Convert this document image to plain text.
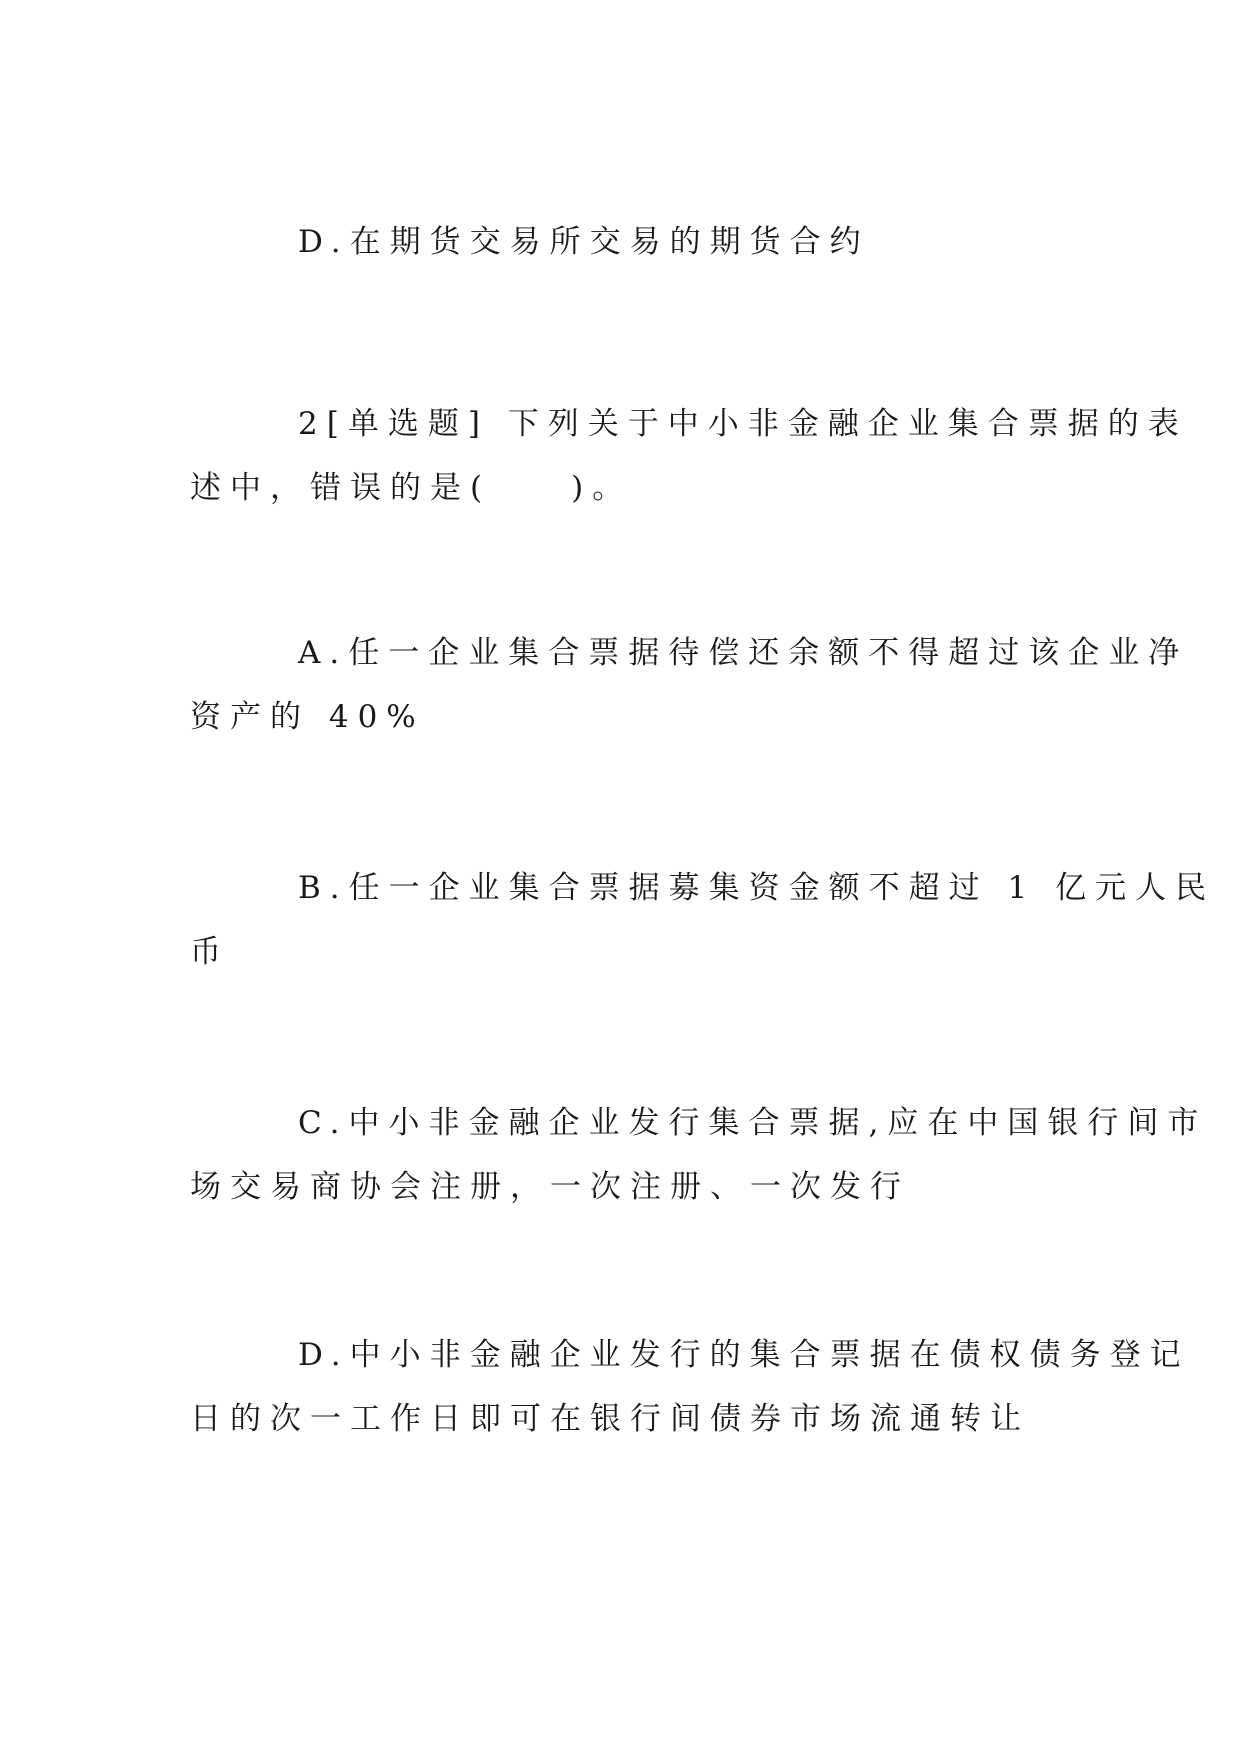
D.在期货交易所交易的期货合约

2[单选题] 下列关于中小非金融企业集合票据的表
述中，错误的是(　　)。

A.任一企业集合票据待偿还余额不得超过该企业净
资产的 40%

B.任一企业集合票据募集资金额不超过 1 亿元人民
币

C.中小非金融企业发行集合票据,应在中国银行间市
场交易商协会注册，一次注册、一次发行

D.中小非金融企业发行的集合票据在债权债务登记
日的次一工作日即可在银行间债券市场流通转让
